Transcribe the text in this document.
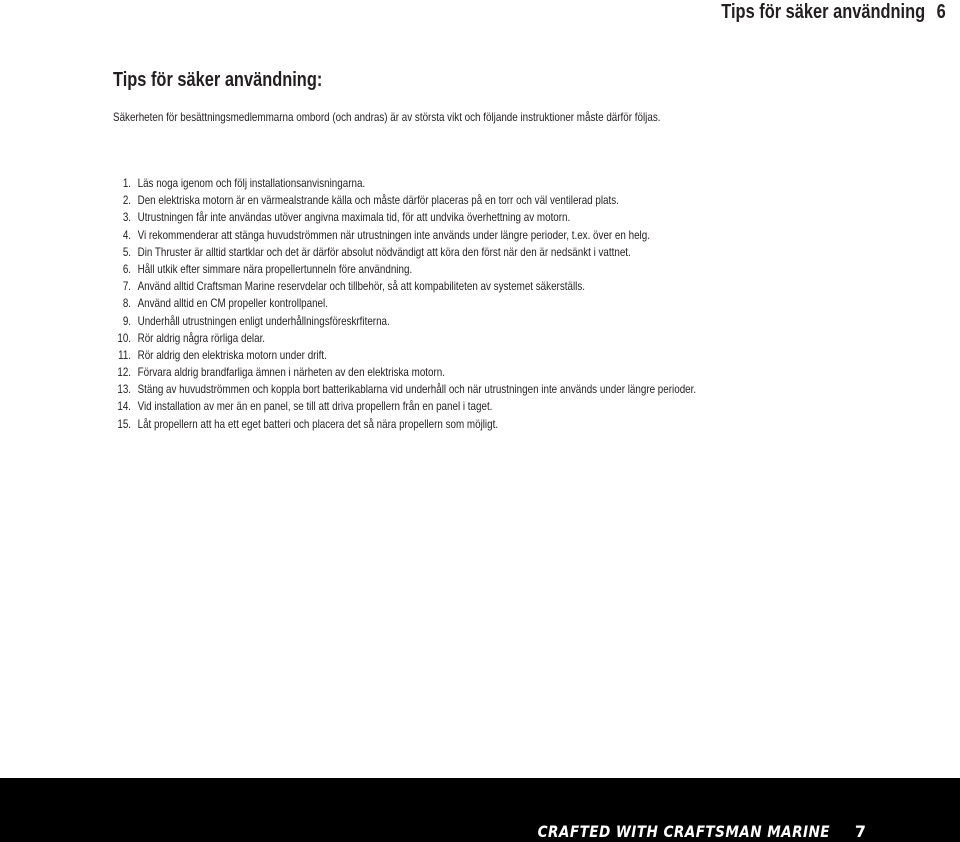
Tips för säker användning 6
Tips för säker användning:

Säkerheten för besättningsmedlemmarna ombord (och andras) är av största vikt och följande instruktioner måste därför följas.

1. Läs noga igenom och följ installationsanvisningarna.
2. Den elektriska motorn är en värmealstrande källa och måste därför placeras på en torr och väl ventilerad plats.
3. Utrustningen får inte användas utöver angivna maximala tid, för att undvika överhettning av motorn.
4. Vi rekommenderar att stänga huvudströmmen när utrustningen inte används under längre perioder, t.ex. över en helg.
5. Din Thruster är alltid startklar och det är därför absolut nödvändigt att köra den först när den är nedsänkt i vattnet.
6. Håll utkik efter simmare nära propellertunneln före användning.
7. Använd alltid Craftsman Marine reservdelar och tillbehör, så att kompabiliteten av systemet säkerställs.
8. Använd alltid en CM propeller kontrollpanel.
9. Underhåll utrustningen enligt underhållningsföreskrfiterna.
10. Rör aldrig några rörliga delar.
11. Rör aldrig den elektriska motorn under drift.
12. Förvara aldrig brandfarliga ämnen i närheten av den elektriska motorn.
13. Stäng av huvudströmmen och koppla bort batterikablarna vid underhåll och när utrustningen inte används under längre perioder.
14. Vid installation av mer än en panel, se till att driva propellern från en panel i taget.
15. Låt propellern att ha ett eget batteri och placera det så nära propellern som möjligt.
CRAFTED WITH CRAFTSMAN MARINE 7
